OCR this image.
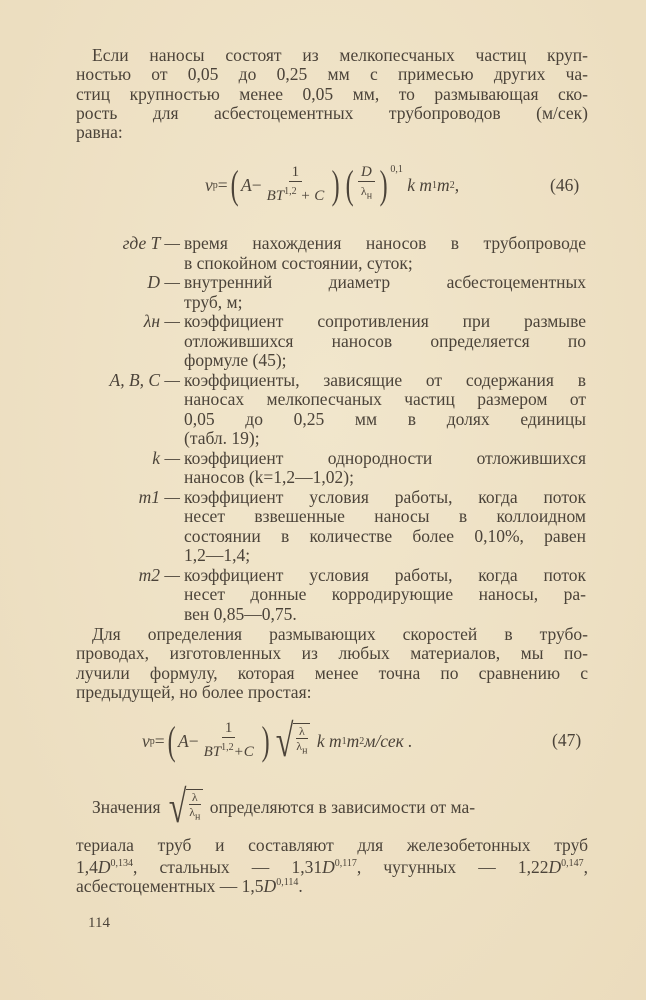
Если наносы состоят из мелкопесчаных частиц круп-
ностью от 0,05 до 0,25 мм с примесью других ча-
стиц крупностью менее 0,05 мм, то размывающая ско-
рость для асбестоцементных трубопроводов (м/сек)
равна:
v р = ( $A - \frac{1}{BT^{1,2} + C}$ ) ( $\frac{D}{\lambda_н}$ ) $^{0,1}$

k m 1 m 2 ,	(46)
где T — время нахождения наносов в трубопроводе
в спокойном состоянии, суток;
D — внутренний диаметр асбестоцементных
труб, м;
λн — коэффициент сопротивления при размыве
отложившихся наносов определяется по
формуле (45);
A, B, C — коэффициенты, зависящие от содержания в
наносах мелкопесчаных частиц размером от
0,05 до 0,25 мм в долях единицы
(табл. 19);
k — коэффициент однородности отложившихся
наносов (k=1,2—1,02);
m1 — коэффициент условия работы, когда поток
несет взвешенные наносы в коллоидном
состоянии в количестве более 0,10%, равен
1,2—1,4;
m2 — коэффициент условия работы, когда поток
несет донные корродирующие наносы, ра-
вен 0,85—0,75.
Для определения размывающих скоростей в трубо-
проводах, изготовленных из любых материалов, мы по-
лучили формулу, которая менее точна по сравнению с
предыдущей, но более простая:
v р = ( $A - \frac{1}{BT^{1,2}+C}$ ) √ $\frac{\lambda}{\lambda_н}$
k m 1 m 2 м/сек .	(47)
Значения
√ $\frac{\lambda}{\lambda_н}$
определяются в зависимости от ма-
териала труб и составляют для железобетонных труб
$1,4D^{0,134}$, стальных — $1,31D^{0,117}$, чугунных — $1,22D^{0,147}$,
асбестоцементных — $1,5D^{0,114}$.
114
